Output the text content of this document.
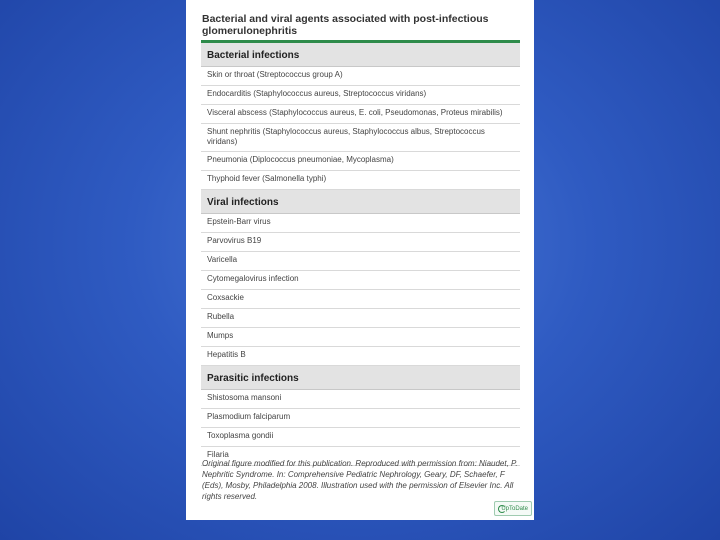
Bacterial and viral agents associated with post-infectious glomerulonephritis
Bacterial infections
Skin or throat (Streptococcus group A)
Endocarditis (Staphylococcus aureus, Streptococcus viridans)
Visceral abscess (Staphylococcus aureus, E. coli, Pseudomonas, Proteus mirabilis)
Shunt nephritis (Staphylococcus aureus, Staphylococcus albus, Streptococcus viridans)
Pneumonia (Diplococcus pneumoniae, Mycoplasma)
Thyphoid fever (Salmonella typhi)
Viral infections
Epstein-Barr virus
Parvovirus B19
Varicella
Cytomegalovirus infection
Coxsackie
Rubella
Mumps
Hepatitis B
Parasitic infections
Shistosoma mansoni
Plasmodium falciparum
Toxoplasma gondii
Filaria
Original figure modified for this publication. Reproduced with permission from: Niaudet, P. Nephritic Syndrome. In: Comprehensive Pediatric Nephrology, Geary, DF, Schaefer, F (Eds), Mosby, Philadelphia 2008. Illustration used with the permission of Elsevier Inc. All rights reserved.
UpToDate
